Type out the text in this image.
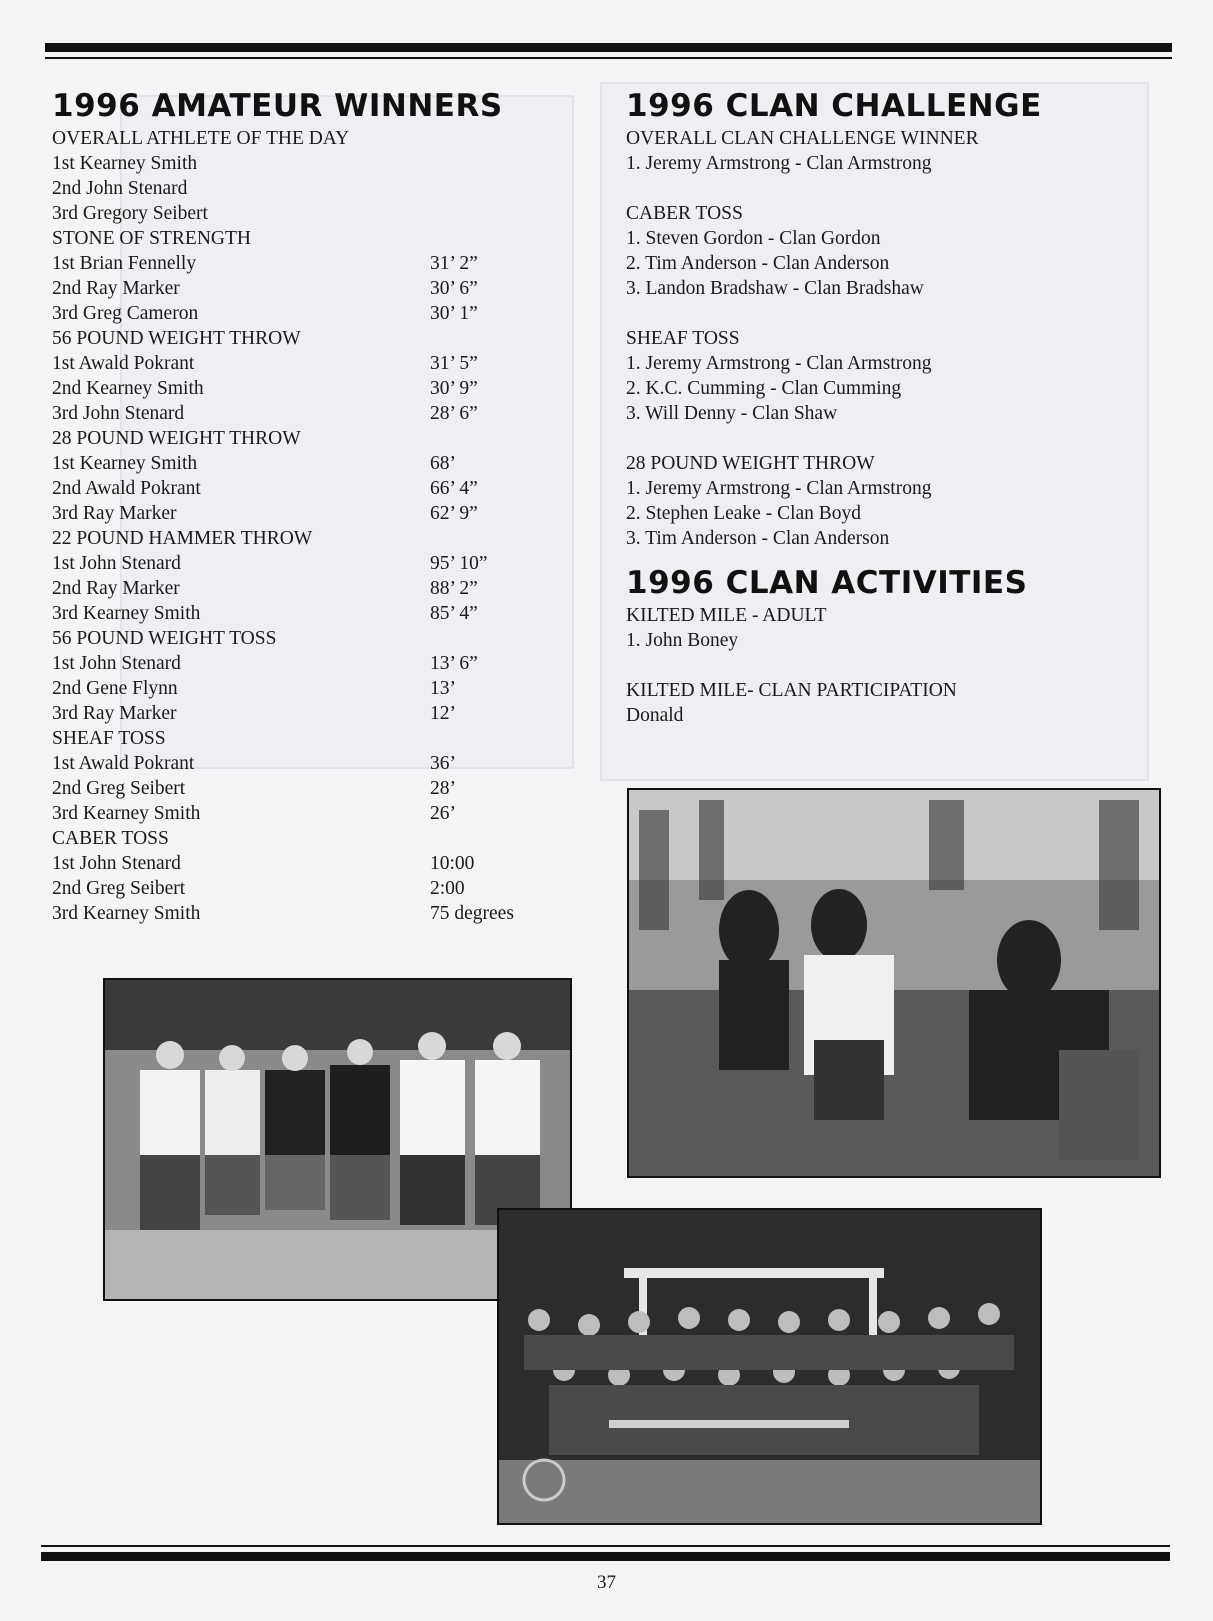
1996 AMATEUR WINNERS
OVERALL ATHLETE OF THE DAY
1st Kearney Smith
2nd John Stenard
3rd Gregory Seibert
STONE OF STRENGTH
1st Brian Fennelly	31’ 2”
2nd Ray Marker	30’ 6”
3rd Greg Cameron	30’ 1”
56 POUND WEIGHT THROW
1st Awald Pokrant	31’ 5”
2nd Kearney Smith	30’ 9”
3rd John Stenard	28’ 6”
28 POUND WEIGHT THROW
1st Kearney Smith	68’
2nd Awald Pokrant	66’ 4”
3rd Ray Marker	62’ 9”
22 POUND HAMMER THROW
1st John Stenard	95’ 10”
2nd Ray Marker	88’ 2”
3rd Kearney Smith	85’ 4”
56 POUND WEIGHT TOSS
1st John Stenard	13’ 6”
2nd Gene Flynn	13’
3rd Ray Marker	12’
SHEAF TOSS
1st Awald Pokrant	36’
2nd Greg Seibert	28’
3rd Kearney Smith	26’
CABER TOSS
1st John Stenard	10:00
2nd Greg Seibert	2:00
3rd Kearney Smith	75 degrees
1996 CLAN CHALLENGE
OVERALL CLAN CHALLENGE WINNER
1. Jeremy Armstrong - Clan Armstrong
CABER TOSS
1. Steven Gordon - Clan Gordon
2. Tim Anderson - Clan Anderson
3. Landon Bradshaw - Clan Bradshaw
SHEAF TOSS
1. Jeremy Armstrong - Clan Armstrong
2. K.C. Cumming - Clan Cumming
3. Will Denny - Clan Shaw
28 POUND WEIGHT THROW
1. Jeremy Armstrong - Clan Armstrong
2. Stephen Leake - Clan Boyd
3. Tim Anderson - Clan Anderson
1996 CLAN ACTIVITIES
KILTED MILE - ADULT
1. John Boney
KILTED MILE- CLAN PARTICIPATION
Donald
37
